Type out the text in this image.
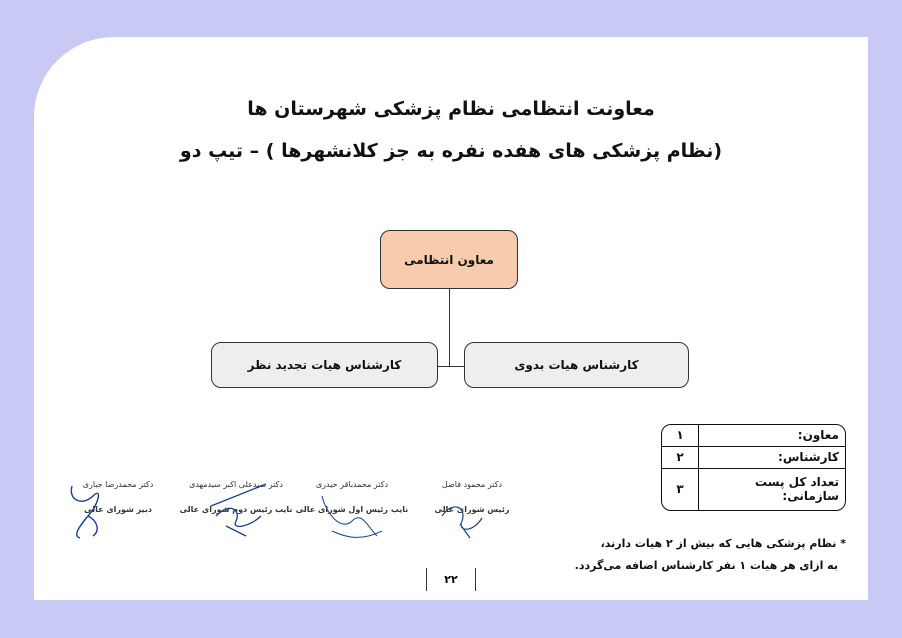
معاونت انتظامی نظام پزشکی شهرستان ها
(نظام پزشکی های هفده نفره به جز کلانشهرها ) – تیپ دو
معاون انتظامی
کارشناس هیات تجدید نظر	کارشناس هیات بدوی
معاون:	۱
کارشناس:	۲
تعداد کل پست سازمانی:	۳
* نظام پزشکی هایی که بیش از ۲ هیات دارند،
به ازای هر هیات ۱ نفر کارشناس اضافه می‌گردد.
۲۲
دکتر محمود فاضل
رئیس شورای عالی
دکتر محمدباقر حیدری
نایب رئیس اول شورای عالی
دکتر سیدعلی اکبر سیدمهدی
نایب رئیس دوم شورای عالی
دکتر محمدرضا جباری
دبیر شورای عالی
